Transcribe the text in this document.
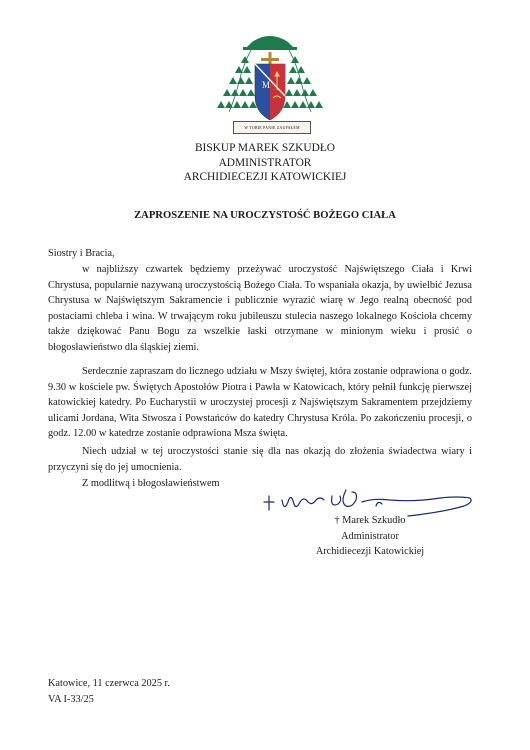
M
W TOBIE PANIE ZAUFAŁEM
BISKUP MAREK SZKUDŁO
ADMINISTRATOR
ARCHIDIECEZJI KATOWICKIEJ
ZAPROSZENIE NA UROCZYSTOŚĆ BOŻEGO CIAŁA
Siostry i Bracia,
w najbliższy czwartek będziemy przeżywać uroczystość Najświętszego Ciała i Krwi Chrystusa, popularnie nazywaną uroczystością Bożego Ciała. To wspaniała okazja, by uwielbić Jezusa Chrystusa w Najświętszym Sakramencie i publicznie wyrazić wiarę w Jego realną obecność pod postaciami chleba i wina. W trwającym roku jubileuszu stulecia naszego lokalnego Kościoła chcemy także dziękować Panu Bogu za wszelkie łaski otrzymane w minionym wieku i prosić o błogosławieństwo dla śląskiej ziemi.
Serdecznie zapraszam do licznego udziału w Mszy świętej, która zostanie odprawiona o godz. 9.30 w kościele pw. Świętych Apostołów Piotra i Pawła w Katowicach, który pełnił funkcję pierwszej katowickiej katedry. Po Eucharystii w uroczystej procesji z Najświętszym Sakramentem przejdziemy ulicami Jordana, Wita Stwosza i Powstańców do katedry Chrystusa Króla. Po zakończeniu procesji, o godz. 12.00 w katedrze zostanie odprawiona Msza święta.
Niech udział w tej uroczystości stanie się dla nas okazją do złożenia świadectwa wiary i przyczyni się do jej umocnienia.
Z modlitwą i błogosławieństwem
† Marek Szkudło
Administrator
Archidiecezji Katowickiej
Katowice, 11 czerwca 2025 r.
VA I-33/25
